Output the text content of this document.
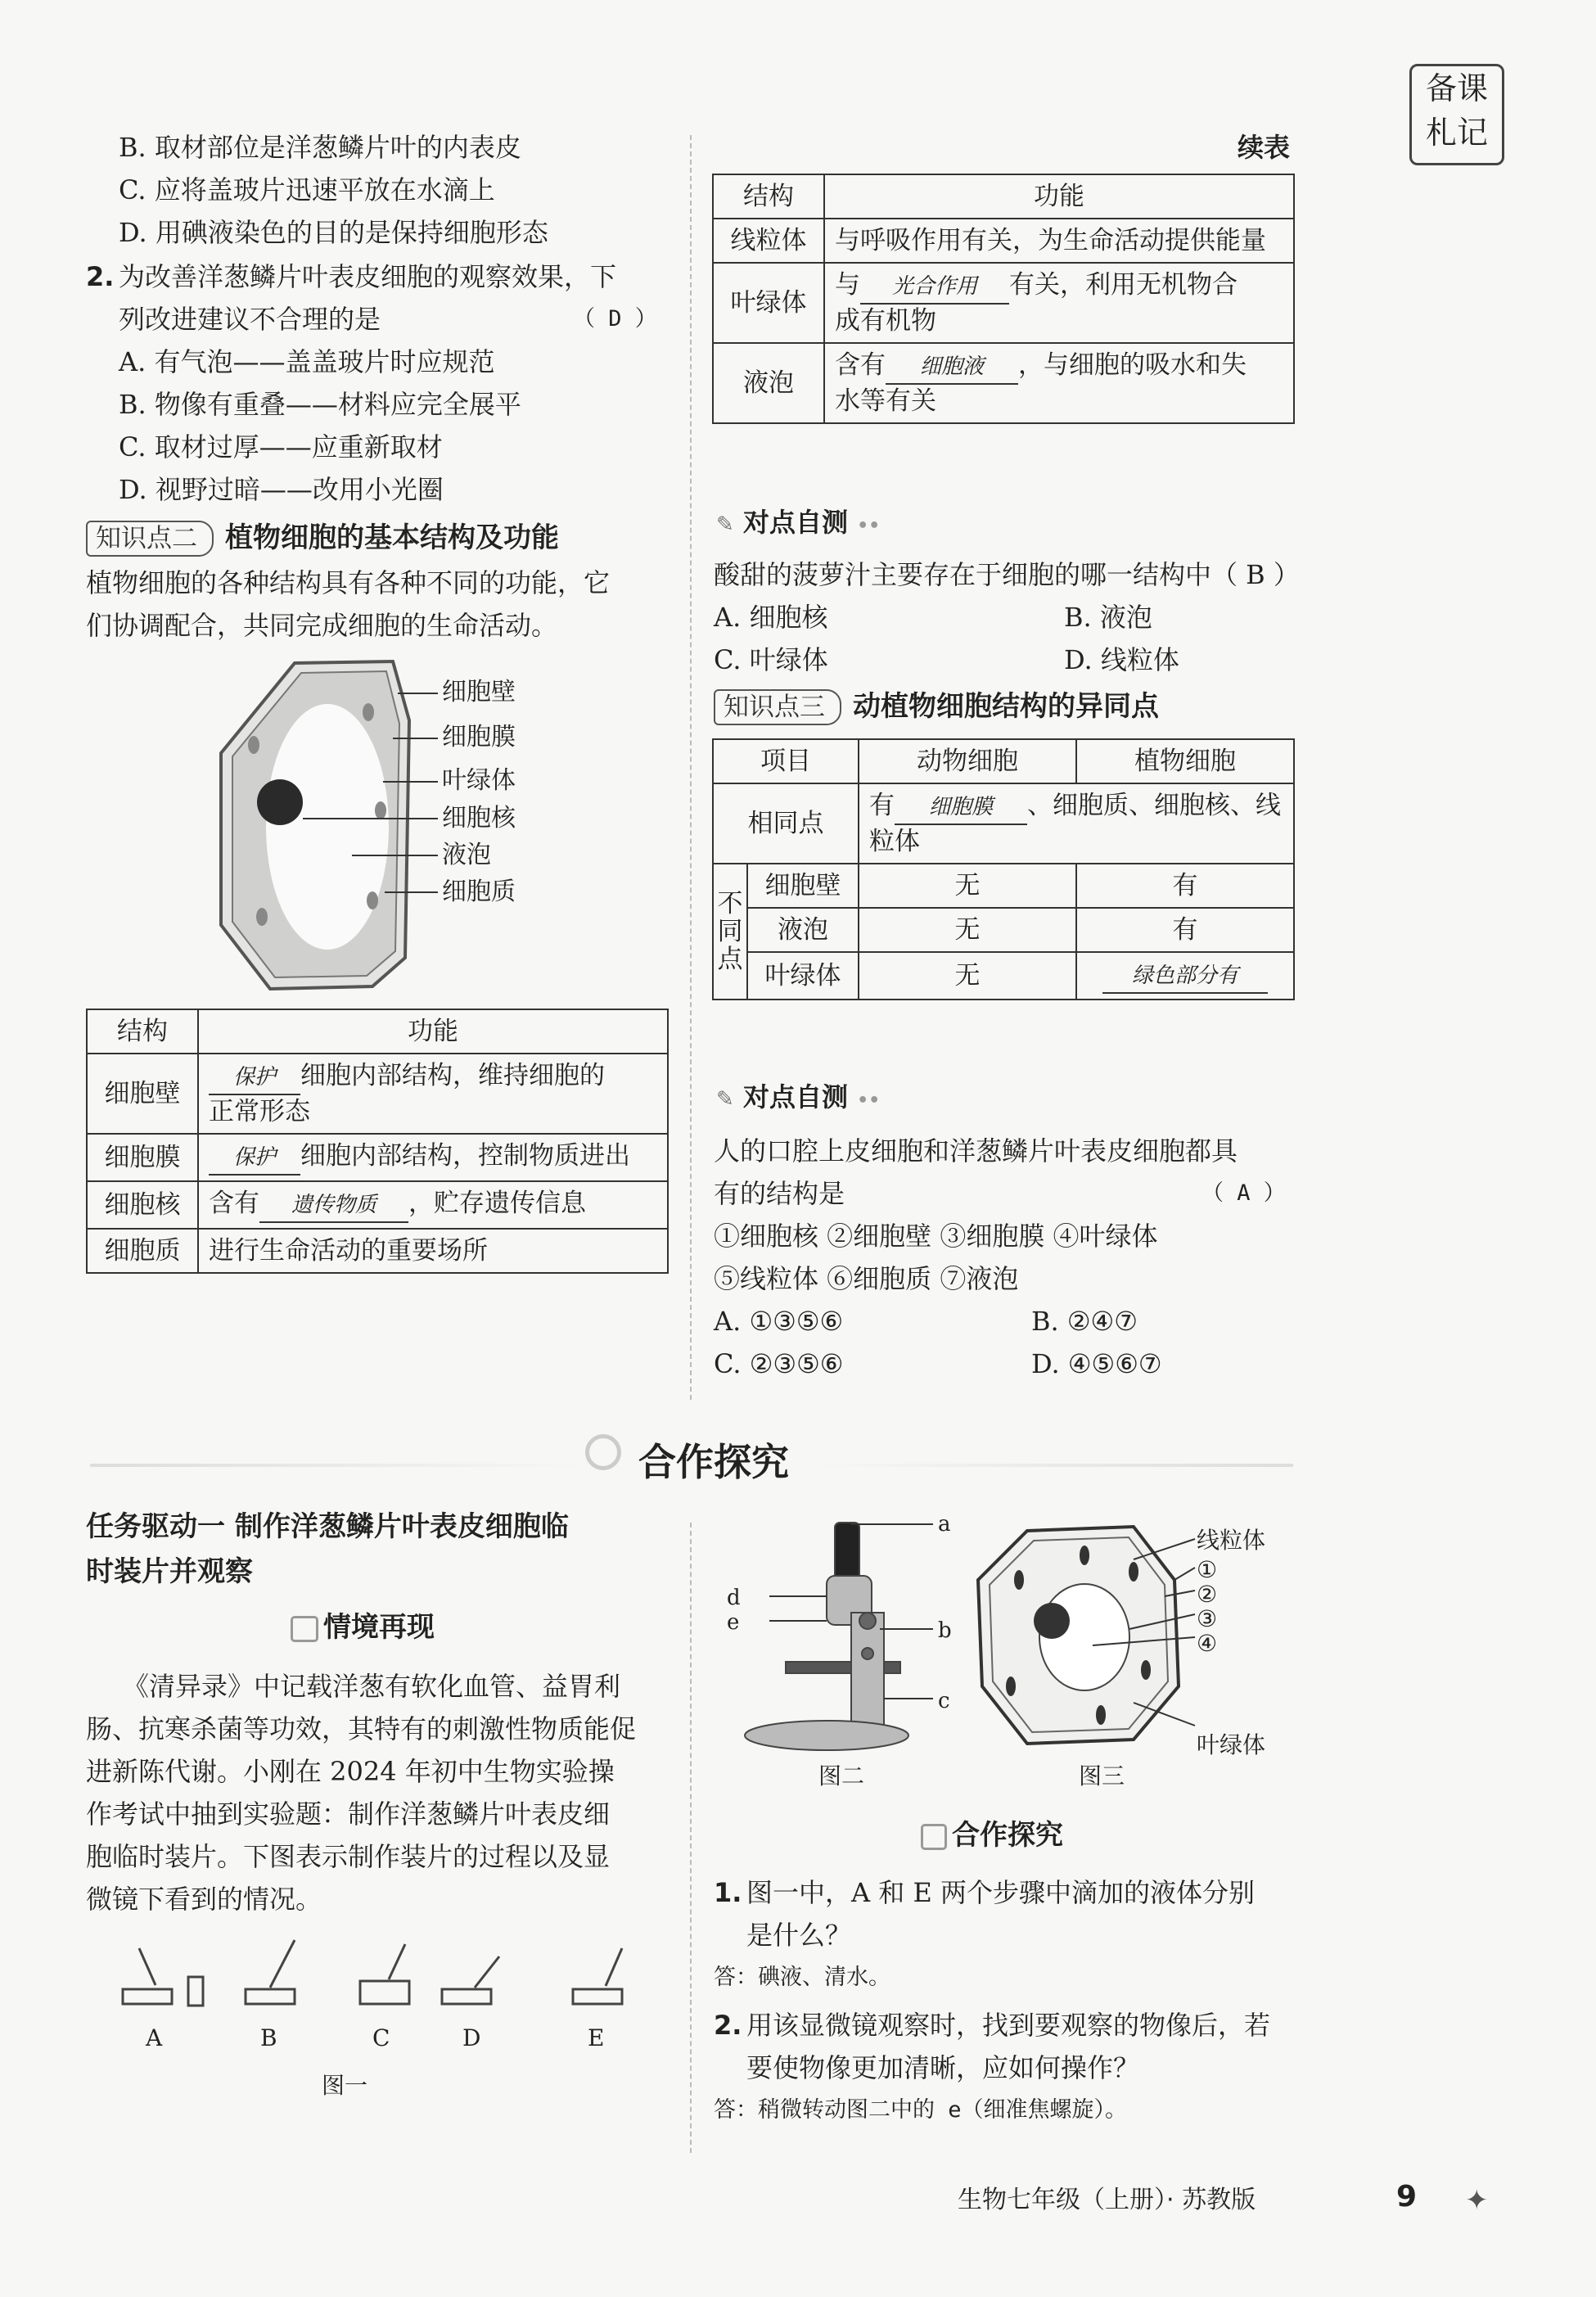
备课
札记
B. 取材部位是洋葱鳞片叶的内表皮
C. 应将盖玻片迅速平放在水滴上
D. 用碘液染色的目的是保持细胞形态
2. 为改善洋葱鳞片叶表皮细胞的观察效果，下
列改进建议不合理的是	（ D ）
A. 有气泡——盖盖玻片时应规范
B. 物像有重叠——材料应完全展平
C. 取材过厚——应重新取材
D. 视野过暗——改用小光圈
知识点二 植物细胞的基本结构及功能
植物细胞的各种结构具有各种不同的功能，它
们协调配合，共同完成细胞的生命活动。
细胞壁
细胞膜
叶绿体
细胞核
液泡
细胞质
结构	功能
细胞壁	保护 细胞内部结构，维持细胞的
正常形态
细胞膜	保护 细胞内部结构，控制物质进出
细胞核	含有 遗传物质 ，贮存遗传信息
细胞质	进行生命活动的重要场所
续表
结构	功能
线粒体	与呼吸作用有关，为生命活动提供能量
叶绿体	与 光合作用 有关，利用无机物合
成有机物
液泡	含有 细胞液 ，与细胞的吸水和失
水等有关
✎ 对点自测 ••
酸甜的菠萝汁主要存在于细胞的哪一结构中（ B ）
A. 细胞核	B. 液泡
C. 叶绿体	D. 线粒体
知识点三 动植物细胞结构的异同点
项目		动物细胞	植物细胞
相同点		有 细胞膜 、细胞质、细胞核、线
粒体	
不同点	细胞壁	无	有
	液泡	无	有
	叶绿体	无	绿色部分有
✎ 对点自测 ••
人的口腔上皮细胞和洋葱鳞片叶表皮细胞都具
有的结构是	（ A ）
①细胞核 ②细胞壁 ③细胞膜 ④叶绿体
⑤线粒体 ⑥细胞质 ⑦液泡
A. ①③⑤⑥	B. ②④⑦
C. ②③⑤⑥	D. ④⑤⑥⑦
合作探究
任务驱动一 制作洋葱鳞片叶表皮细胞临
时装片并观察
情境再现
《清异录》中记载洋葱有软化血管、益胃利
肠、抗寒杀菌等功效，其特有的刺激性物质能促
进新陈代谢。小刚在 2024 年初中生物实验操
作考试中抽到实验题：制作洋葱鳞片叶表皮细
胞临时装片。下图表示制作装片的过程以及显
微镜下看到的情况。
A	B	C	D	E
图一
a
b
c
d
e
图二
线粒体
①
②
③
④
叶绿体
图三
合作探究
1. 图一中，A 和 E 两个步骤中滴加的液体分别
是什么？
答：碘液、清水。
2. 用该显微镜观察时，找到要观察的物像后，若
要使物像更加清晰，应如何操作？
答：稍微转动图二中的 e（细准焦螺旋）。
生物七年级（上册）· 苏教版	9 ✦
